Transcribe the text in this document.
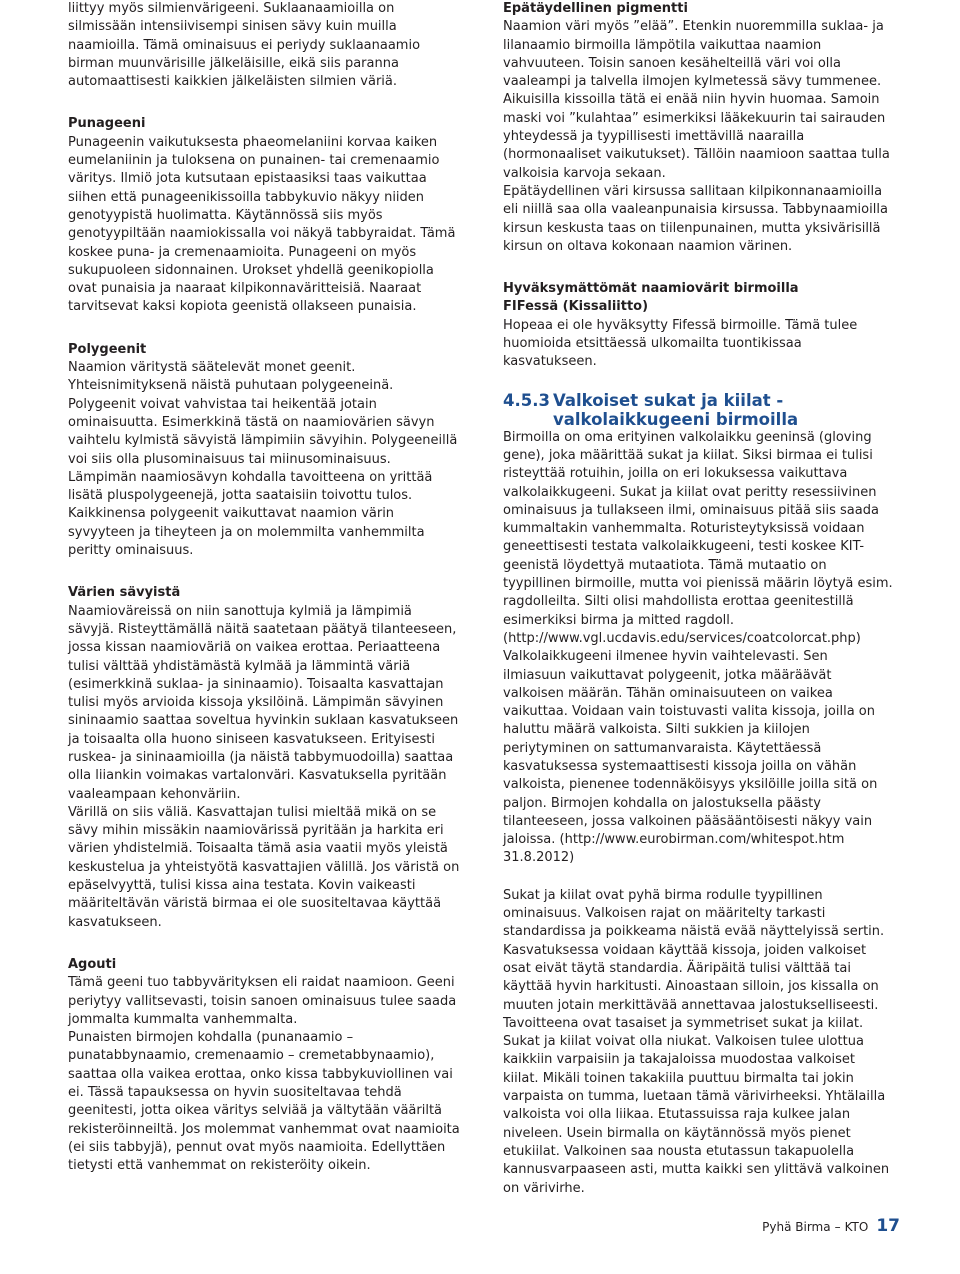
liittyy myös silmienvärigeeni. Suklaanaamioilla on silmissään intensiivisempi sinisen sävy kuin muilla naamioilla. Tämä ominaisuus ei periydy suklaanaamio birman muunvärisille jälkeläisille, eikä siis paranna automaattisesti kaikkien jälkeläisten silmien väriä.

Punageeni

Punageenin vaikutuksesta phaeomelaniini korvaa kaiken eumelaniinin ja tuloksena on punainen- tai cremenaamio väritys. Ilmiö jota kutsutaan epistaasiksi taas vaikuttaa siihen että punageenikissoilla tabbykuvio näkyy niiden genotyypistä huolimatta. Käytännössä siis myös genotyypiltään naamiokissalla voi näkyä tabbyraidat. Tämä koskee puna- ja cremenaamioita. Punageeni on myös sukupuoleen sidonnainen. Urokset yhdellä geenikopiolla ovat punaisia ja naaraat kilpikonnaväritteisiä. Naaraat tarvitsevat kaksi kopiota geenistä ollakseen punaisia.

Polygeenit

Naamion väritystä säätelevät monet geenit. Yhteisnimityksenä näistä puhutaan polygeeneinä. Polygeenit voivat vahvistaa tai heikentää jotain ominaisuutta. Esimerkkinä tästä on naamiovärien sävyn vaihtelu kylmistä sävyistä lämpimiin sävyihin. Polygeeneillä voi siis olla plusominaisuus tai miinusominaisuus. Lämpimän naamiosävyn kohdalla tavoitteena on yrittää lisätä pluspolygeenejä, jotta saataisiin toivottu tulos. Kaikkinensa polygeenit vaikuttavat naamion värin syvyyteen ja tiheyteen ja on molemmilta vanhemmilta peritty ominaisuus.

Värien sävyistä

Naamioväreissä on niin sanottuja kylmiä ja lämpimiä sävyjä. Risteyttämällä näitä saatetaan päätyä tilanteeseen, jossa kissan naamioväriä on vaikea erottaa. Periaatteena tulisi välttää yhdistämästä kylmää ja lämmintä väriä (esimerkkinä suklaa- ja sininaamio). Toisaalta kasvattajan tulisi myös arvioida kissoja yksilöinä. Lämpimän sävyinen sininaamio saattaa soveltua hyvinkin suklaan kasvatukseen ja toisaalta olla huono siniseen kasvatukseen. Erityisesti ruskea- ja sininaamioilla (ja näistä tabbymuodoilla) saattaa olla liiankin voimakas vartalonväri. Kasvatuksella pyritään vaaleampaan kehonväriin.

Värillä on siis väliä. Kasvattajan tulisi mieltää mikä on se sävy mihin missäkin naamiovärissä pyritään ja harkita eri värien yhdistelmiä. Toisaalta tämä asia vaatii myös yleistä keskustelua ja yhteistyötä kasvattajien välillä. Jos väristä on epäselvyyttä, tulisi kissa aina testata. Kovin vaikeasti määriteltävän väristä birmaa ei ole suositeltavaa käyttää kasvatukseen.

Agouti

Tämä geeni tuo tabbyvärityksen eli raidat naamioon. Geeni periytyy vallitsevasti, toisin sanoen ominaisuus tulee saada jommalta kummalta vanhemmalta.

Punaisten birmojen kohdalla (punanaamio – punatabbynaamio, cremenaamio – cremetabbynaamio), saattaa olla vaikea erottaa, onko kissa tabbykuviollinen vai ei. Tässä tapauksessa on hyvin suositeltavaa tehdä geenitesti, jotta oikea väritys selviää ja vältytään vääriltä rekisteröinneiltä. Jos molemmat vanhemmat ovat naamioita (ei siis tabbyjä), pennut ovat myös naamioita. Edellyttäen tietysti että vanhemmat on rekisteröity oikein.

Epätäydellinen pigmentti

Naamion väri myös ”elää”. Etenkin nuoremmilla suklaa- ja lilanaamio birmoilla lämpötila vaikuttaa naamion vahvuuteen. Toisin sanoen kesähelteillä väri voi olla vaaleampi ja talvella ilmojen kylmetessä sävy tummenee. Aikuisilla kissoilla tätä ei enää niin hyvin huomaa. Samoin maski voi ”kulahtaa” esimerkiksi lääkekuurin tai sairauden yhteydessä ja tyypillisesti imettävillä naarailla (hormonaaliset vaikutukset). Tällöin naamioon saattaa tulla valkoisia karvoja sekaan.

Epätäydellinen väri kirsussa sallitaan kilpikonnanaamioilla eli niillä saa olla vaaleanpunaisia kirsussa. Tabbynaamioilla kirsun keskusta taas on tiilenpunainen, mutta yksivärisillä kirsun on oltava kokonaan naamion värinen.

Hyväksymättömät naamiovärit birmoilla

FIFessä (Kissaliitto)

Hopeaa ei ole hyväksytty Fifessä birmoille. Tämä tulee huomioida etsittäessä ulkomailta tuontikissaa kasvatukseen.

4.5.3 Valkoiset sukat ja kiilat -
valkolaikkugeeni birmoilla

Birmoilla on oma erityinen valkolaikku geeninsä (gloving gene), joka määrittää sukat ja kiilat. Siksi birmaa ei tulisi risteyttää rotuihin, joilla on eri lokuksessa vaikuttava valkolaikkugeeni. Sukat ja kiilat ovat peritty resessiivinen ominaisuus ja tullakseen ilmi, ominaisuus pitää siis saada kummaltakin vanhemmalta. Roturisteytyksissä voidaan geneettisesti testata valkolaikkugeeni, testi koskee KIT-geenistä löydettyä mutaatiota. Tämä mutaatio on tyypillinen birmoille, mutta voi pienissä määrin löytyä esim. ragdolleilta. Silti olisi mahdollista erottaa geenitestillä esimerkiksi birma ja mitted ragdoll. (http://www.vgl.ucdavis.edu/services/coatcolorcat.php)

Valkolaikkugeeni ilmenee hyvin vaihtelevasti. Sen ilmiasuun vaikuttavat polygeenit, jotka määräävät valkoisen määrän. Tähän ominaisuuteen on vaikea vaikuttaa. Voidaan vain toistuvasti valita kissoja, joilla on haluttu määrä valkoista. Silti sukkien ja kiilojen periytyminen on sattumanvaraista. Käytettäessä kasvatuksessa systemaattisesti kissoja joilla on vähän valkoista, pienenee todennäköisyys yksilöille joilla sitä on paljon. Birmojen kohdalla on jalostuksella päästy tilanteeseen, jossa valkoinen pääsääntöisesti näkyy vain jaloissa. (http://www.eurobirman.com/whitespot.htm 31.8.2012)

Sukat ja kiilat ovat pyhä birma rodulle tyypillinen ominaisuus. Valkoisen rajat on määritelty tarkasti standardissa ja poikkeama näistä evää näyttelyissä sertin. Kasvatuksessa voidaan käyttää kissoja, joiden valkoiset osat eivät täytä standardia. Ääripäitä tulisi välttää tai käyttää hyvin harkitusti. Ainoastaan silloin, jos kissalla on muuten jotain merkittävää annettavaa jalostukselliseesti. Tavoitteena ovat tasaiset ja symmetriset sukat ja kiilat.

Sukat ja kiilat voivat olla niukat. Valkoisen tulee ulottua kaikkiin varpaisiin ja takajaloissa muodostaa valkoiset kiilat. Mikäli toinen takakiila puuttuu birmalta tai jokin varpaista on tumma, luetaan tämä värivirheeksi. Yhtälailla valkoista voi olla liikaa. Etutassuissa raja kulkee jalan niveleen. Usein birmalla on käytännössä myös pienet etukiilat. Valkoinen saa nousta etutassun takapuolella kannusvarpaaseen asti, mutta kaikki sen ylittävä valkoinen on värivirhe.

Pyhä Birma – KTO 17
